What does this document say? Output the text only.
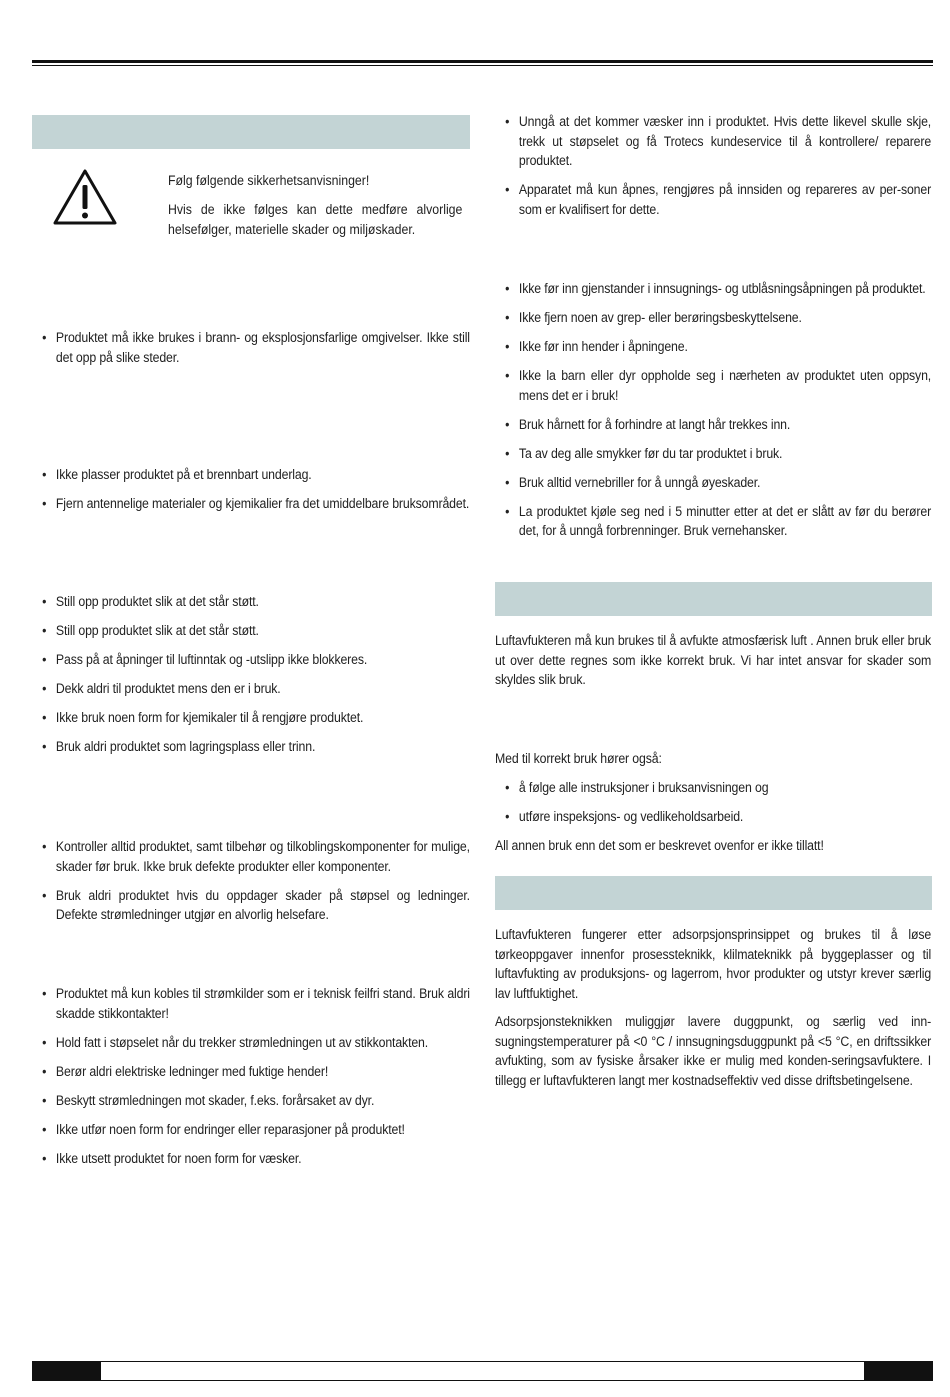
Følg følgende sikkerhetsanvisninger!

Hvis de ikke følges kan dette medføre alvorlige helsefølger, materielle skader og miljøskader.

• Produktet må ikke brukes i brann- og eksplosjonsfarlige omgivelser. Ikke still det opp på slike steder.
• Ikke plasser produktet på et brennbart underlag.
• Fjern antennelige materialer og kjemikalier fra det umiddelbare bruksområdet.
• Still opp produktet slik at det står støtt.
• Still opp produktet slik at det står støtt.
• Pass på at åpninger til luftinntak og -utslipp ikke blokkeres.
• Dekk aldri til produktet mens den er i bruk.
• Ikke bruk noen form for kjemikaler til å rengjøre produktet.
• Bruk aldri produktet som lagringsplass eller trinn.
• Kontroller alltid produktet, samt tilbehør og tilkoblingskomponenter for mulige, skader før bruk. Ikke bruk defekte produkter eller komponenter.
• Bruk aldri produktet hvis du oppdager skader på støpsel og ledninger. Defekte strømledninger utgjør en alvorlig helsefare.
• Produktet må kun kobles til strømkilder som er i teknisk feilfri stand. Bruk aldri skadde stikkontakter!
• Hold fatt i støpselet når du trekker strømledningen ut av stikkontakten.
• Berør aldri elektriske ledninger med fuktige hender!
• Beskytt strømledningen mot skader, f.eks. forårsaket av dyr.
• Ikke utfør noen form for endringer eller reparasjoner på produktet!
• Ikke utsett produktet for noen form for væsker.
• Unngå at det kommer væsker inn i produktet. Hvis dette likevel skulle skje, trekk ut støpselet og få Trotecs kundeservice til å kontrollere/ reparere produktet.
• Apparatet må kun åpnes, rengjøres på innsiden og repareres av per-soner som er kvalifisert for dette.
• Ikke før inn gjenstander i innsugnings- og utblåsningsåpningen på produktet.
• Ikke fjern noen av grep- eller berøringsbeskyttelsene.
• Ikke før inn hender i åpningene.
• Ikke la barn eller dyr oppholde seg i nærheten av produktet uten oppsyn, mens det er i bruk!
• Bruk hårnett for å forhindre at langt hår trekkes inn.
• Ta av deg alle smykker før du tar produktet i bruk.
• Bruk alltid vernebriller for å unngå øyeskader.
• La produktet kjøle seg ned i 5 minutter etter at det er slått av før du berører det, for å unngå forbrenninger. Bruk vernehansker.

Luftavfukteren må kun brukes til å avfukte atmosfærisk luft . Annen bruk eller bruk ut over dette regnes som ikke korrekt bruk. Vi har intet ansvar for skader som skyldes slik bruk.

Med til korrekt bruk hører også:

• å følge alle instruksjoner i bruksanvisningen og
• utføre inspeksjons- og vedlikeholdsarbeid.

All annen bruk enn det som er beskrevet ovenfor er ikke tillatt!

Luftavfukteren fungerer etter adsorpsjonsprinsippet og brukes til å løse tørkeoppgaver innenfor prosessteknikk, klilmateknikk på byggeplasser og til luftavfukting av produksjons- og lagerrom, hvor produkter og utstyr krever særlig lav luftfuktighet.

Adsorpsjonsteknikken muliggjør lavere duggpunkt, og særlig ved inn-sugningstemperaturer på <0 °C / innsugningsduggpunkt på <5 °C, en driftssikker avfukting, som av fysiske årsaker ikke er mulig med konden-seringsavfuktere. I tillegg er luftavfukteren langt mer kostnadseffektiv ved disse driftsbetingelsene.
